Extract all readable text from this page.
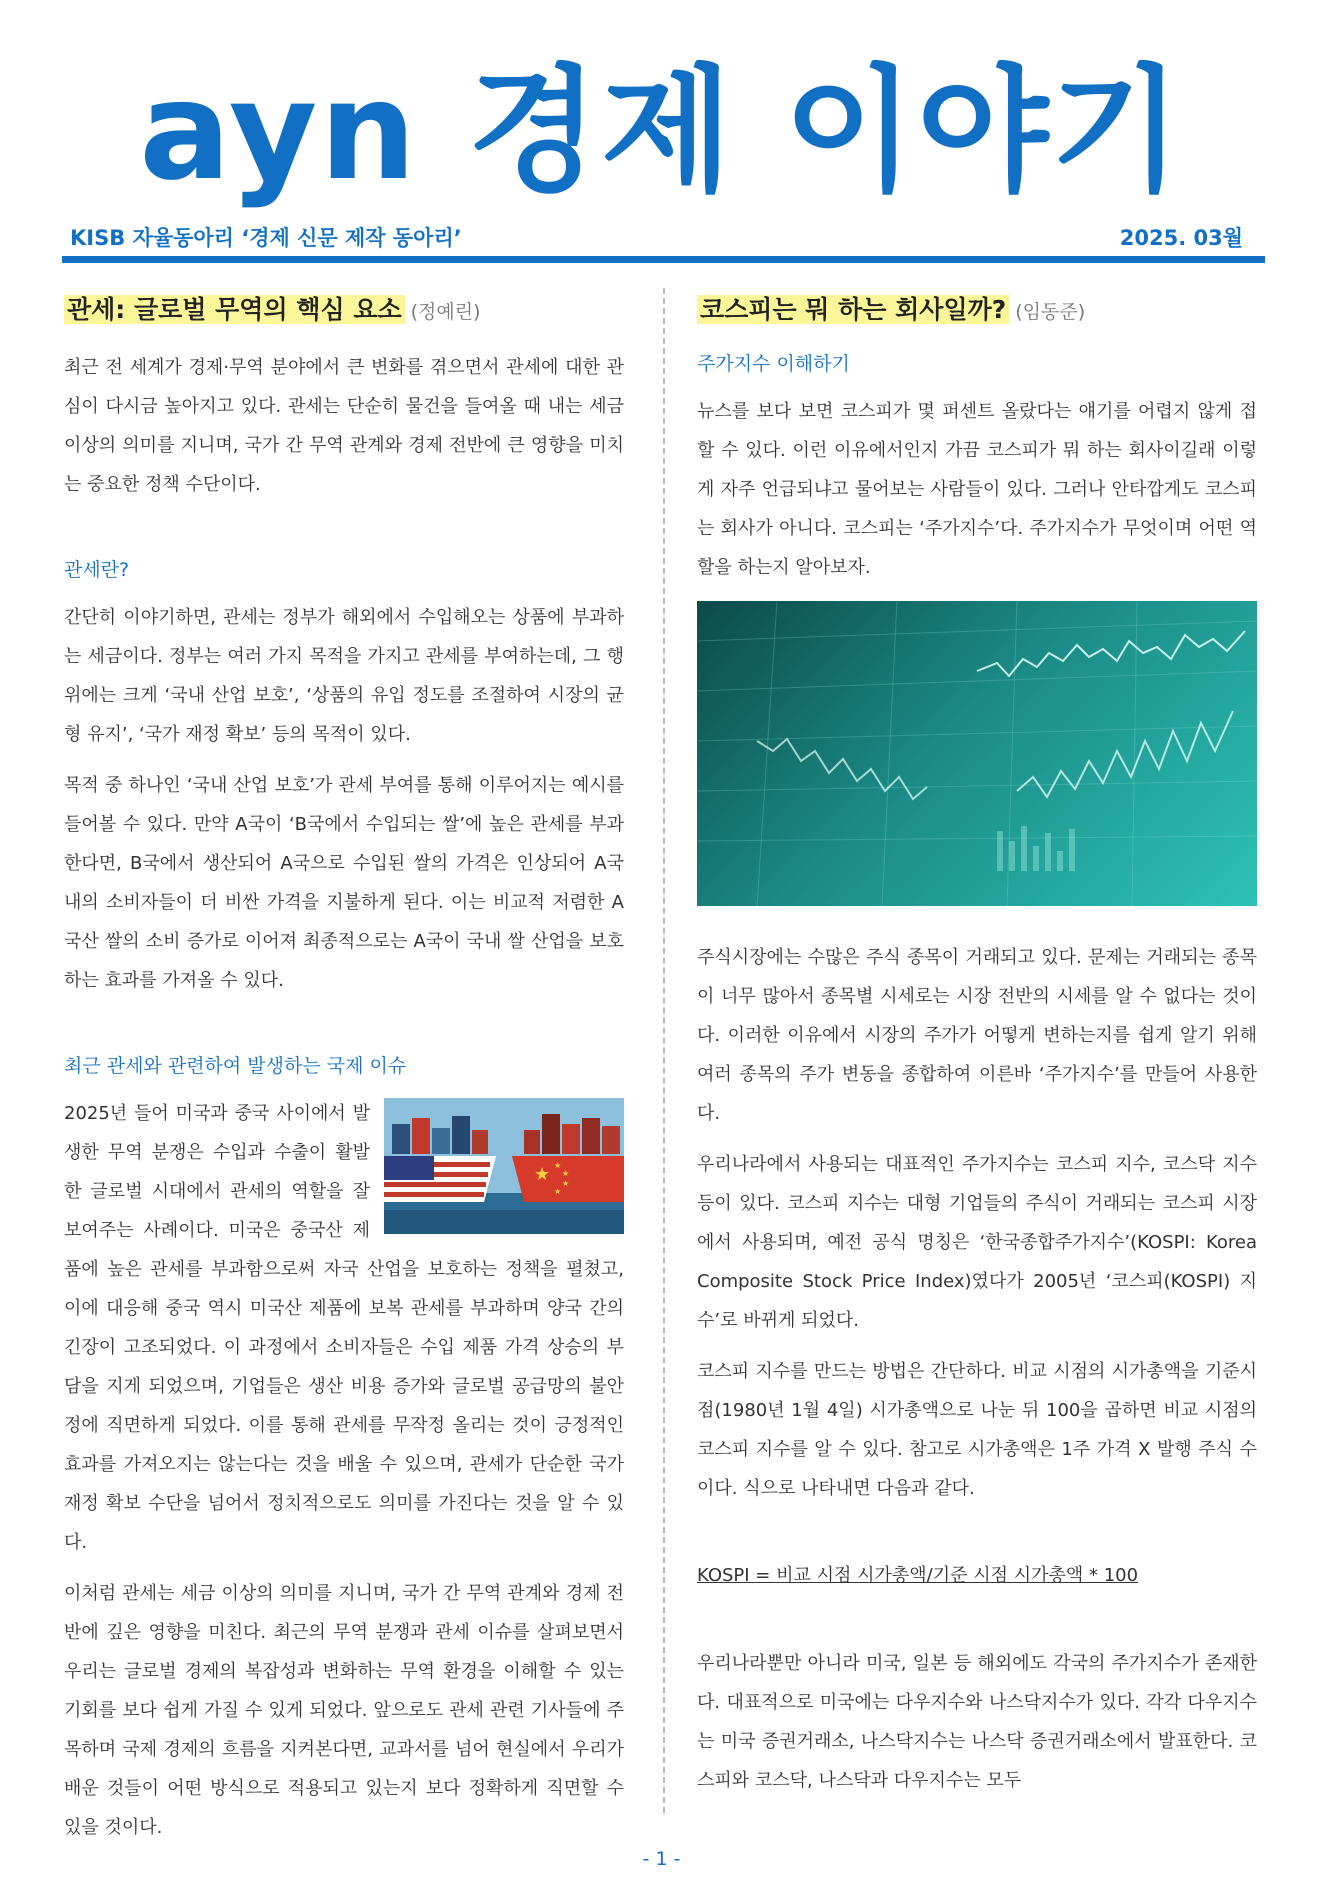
ayn 경제 이야기
KISB 자율동아리 ‘경제 신문 제작 동아리’	2025. 03월
관세: 글로벌 무역의 핵심 요소 (정예린)

최근 전 세계가 경제·무역 분야에서 큰 변화를 겪으면서 관세에 대한 관심이 다시금 높아지고 있다. 관세는 단순히 물건을 들여올 때 내는 세금 이상의 의미를 지니며, 국가 간 무역 관계와 경제 전반에 큰 영향을 미치는 중요한 정책 수단이다.

관세란?

간단히 이야기하면, 관세는 정부가 해외에서 수입해오는 상품에 부과하는 세금이다. 정부는 여러 가지 목적을 가지고 관세를 부여하는데, 그 행위에는 크게 ‘국내 산업 보호’, ‘상품의 유입 정도를 조절하여 시장의 균형 유지’, ‘국가 재정 확보’ 등의 목적이 있다.

목적 중 하나인 ‘국내 산업 보호’가 관세 부여를 통해 이루어지는 예시를 들어볼 수 있다. 만약 A국이 ‘B국에서 수입되는 쌀’에 높은 관세를 부과한다면, B국에서 생산되어 A국으로 수입된 쌀의 가격은 인상되어 A국 내의 소비자들이 더 비싼 가격을 지불하게 된다. 이는 비교적 저렴한 A국산 쌀의 소비 증가로 이어져 최종적으로는 A국이 국내 쌀 산업을 보호하는 효과를 가져올 수 있다.

최근 관세와 관련하여 발생하는 국제 이슈
★ ★
★
★
★

2025년 들어 미국과 중국 사이에서 발생한 무역 분쟁은 수입과 수출이 활발한 글로벌 시대에서 관세의 역할을 잘 보여주는 사례이다. 미국은 중국산 제품에 높은 관세를 부과함으로써 자국 산업을 보호하는 정책을 펼쳤고, 이에 대응해 중국 역시 미국산 제품에 보복 관세를 부과하며 양국 간의 긴장이 고조되었다. 이 과정에서 소비자들은 수입 제품 가격 상승의 부담을 지게 되었으며, 기업들은 생산 비용 증가와 글로벌 공급망의 불안정에 직면하게 되었다. 이를 통해 관세를 무작정 올리는 것이 긍정적인 효과를 가져오지는 않는다는 것을 배울 수 있으며, 관세가 단순한 국가 재정 확보 수단을 넘어서 정치적으로도 의미를 가진다는 것을 알 수 있다.

이처럼 관세는 세금 이상의 의미를 지니며, 국가 간 무역 관계와 경제 전반에 깊은 영향을 미친다. 최근의 무역 분쟁과 관세 이슈를 살펴보면서 우리는 글로벌 경제의 복잡성과 변화하는 무역 환경을 이해할 수 있는 기회를 보다 쉽게 가질 수 있게 되었다. 앞으로도 관세 관련 기사들에 주목하며 국제 경제의 흐름을 지켜본다면, 교과서를 넘어 현실에서 우리가 배운 것들이 어떤 방식으로 적용되고 있는지 보다 정확하게 직면할 수 있을 것이다.

코스피는 뭐 하는 회사일까? (임동준)
주가지수 이해하기

뉴스를 보다 보면 코스피가 몇 퍼센트 올랐다는 얘기를 어렵지 않게 접할 수 있다. 이런 이유에서인지 가끔 코스피가 뭐 하는 회사이길래 이렇게 자주 언급되냐고 물어보는 사람들이 있다. 그러나 안타깝게도 코스피는 회사가 아니다. 코스피는 ‘주가지수’다. 주가지수가 무엇이며 어떤 역할을 하는지 알아보자.

주식시장에는 수많은 주식 종목이 거래되고 있다. 문제는 거래되는 종목이 너무 많아서 종목별 시세로는 시장 전반의 시세를 알 수 없다는 것이다. 이러한 이유에서 시장의 주가가 어떻게 변하는지를 쉽게 알기 위해 여러 종목의 주가 변동을 종합하여 이른바 ‘주가지수’를 만들어 사용한다.

우리나라에서 사용되는 대표적인 주가지수는 코스피 지수, 코스닥 지수 등이 있다. 코스피 지수는 대형 기업들의 주식이 거래되는 코스피 시장에서 사용되며, 예전 공식 명칭은 ‘한국종합주가지수’(KOSPI: Korea Composite Stock Price Index)였다가 2005년 ‘코스피(KOSPI) 지수’로 바뀌게 되었다.

코스피 지수를 만드는 방법은 간단하다. 비교 시점의 시가총액을 기준시점(1980년 1월 4일) 시가총액으로 나눈 뒤 100을 곱하면 비교 시점의 코스피 지수를 알 수 있다. 참고로 시가총액은 1주 가격 X 발행 주식 수이다. 식으로 나타내면 다음과 같다.

KOSPI = 비교 시점 시가총액/기준 시점 시가총액 * 100

우리나라뿐만 아니라 미국, 일본 등 해외에도 각국의 주가지수가 존재한다. 대표적으로 미국에는 다우지수와 나스닥지수가 있다. 각각 다우지수는 미국 증권거래소, 나스닥지수는 나스닥 증권거래소에서 발표한다. 코스피와 코스닥, 나스닥과 다우지수는 모두

- 1 -
